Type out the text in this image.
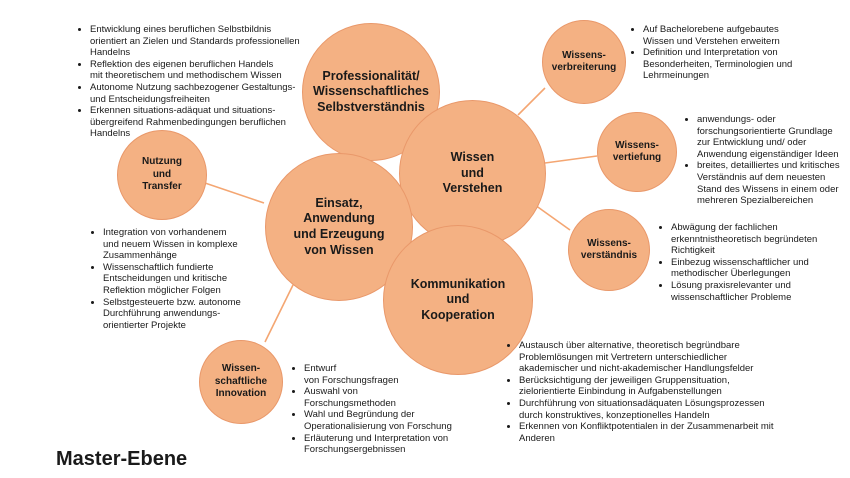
Professionalität/
Wissenschaftliches
Selbstverständnis
Wissen
und
Verstehen
Einsatz,
Anwendung
und Erzeugung
von Wissen
Kommunikation
und
Kooperation
Nutzung
und
Transfer
Wissen-
schaftliche
Innovation
Wissens-
verbreiterung
Wissens-
vertiefung
Wissens-
verständnis
• Entwicklung eines beruflichen Selbstbildnis
orientiert an Zielen und Standards professionellen
Handelns
• Reflektion des eigenen beruflichen Handels
mit theoretischem und methodischem Wissen
• Autonome Nutzung sachbezogener Gestaltungs-
und Entscheidungsfreiheiten
• Erkennen situations-adäquat und situations-
übergreifend Rahmenbedingungen beruflichen
Handelns
• Auf Bachelorebene aufgebautes
Wissen und Verstehen erweitern
• Definition und Interpretation von
Besonderheiten, Terminologien und
Lehrmeinungen
• anwendungs- oder
forschungsorientierte Grundlage
zur Entwicklung und/ oder
Anwendung eigenständiger Ideen
• breites, detailliertes und kritisches
Verständnis auf dem neuesten
Stand des Wissens in einem oder
mehreren Spezialbereichen
• Abwägung der fachlichen
erkenntnistheoretisch begründeten
Richtigkeit
• Einbezug wissenschaftlicher und
methodischer Überlegungen
• Lösung praxisrelevanter und
wissenschaftlicher Probleme
• Integration von vorhandenem
und neuem Wissen in komplexe
Zusammenhänge
• Wissenschaftlich fundierte
Entscheidungen und kritische
Reflektion möglicher Folgen
• Selbstgesteuerte bzw. autonome
Durchführung anwendungs-
orientierter Projekte
• Entwurf
von Forschungsfragen
• Auswahl von
Forschungsmethoden
• Wahl und Begründung der
Operationalisierung von Forschung
• Erläuterung und Interpretation von
Forschungsergebnissen
• Austausch über alternative, theoretisch begründbare
Problemlösungen mit Vertretern unterschiedlicher
akademischer und nicht-akademischer Handlungsfelder
• Berücksichtigung der jeweiligen Gruppensituation,
zielorientierte Einbindung in Aufgabenstellungen
• Durchführung von situationsadäquaten Lösungsprozessen
durch konstruktives, konzeptionelles Handeln
• Erkennen von Konfliktpotentialen in der Zusammenarbeit mit
Anderen
Master-Ebene
